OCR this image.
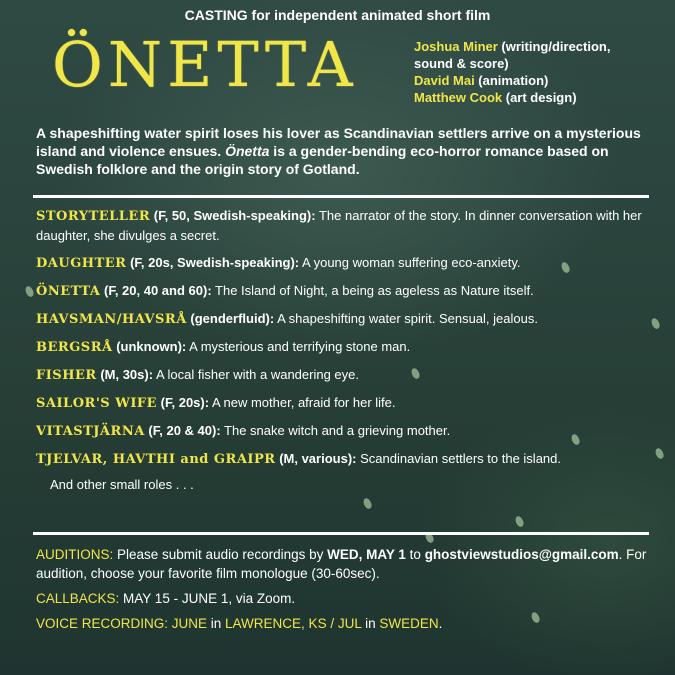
CASTING for independent animated short film
ÖNETTA	Joshua Miner (writing/direction,
sound & score)
David Mai (animation)
Matthew Cook (art design)
A shapeshifting water spirit loses his lover as Scandinavian settlers arrive on a mysterious island and violence ensues. Önetta is a gender-bending eco-horror romance based on Swedish folklore and the origin story of Gotland.
STORYTELLER (F, 50, Swedish-speaking): The narrator of the story. In dinner conversation with her daughter, she divulges a secret.
DAUGHTER (F, 20s, Swedish-speaking): A young woman suffering eco-anxiety.
ÖNETTA (F, 20, 40 and 60): The Island of Night, a being as ageless as Nature itself.
HAVSMAN/HAVSRÅ (genderfluid): A shapeshifting water spirit. Sensual, jealous.
BERGSRÅ (unknown): A mysterious and terrifying stone man.
FISHER (M, 30s): A local fisher with a wandering eye.
SAILOR'S WIFE (F, 20s): A new mother, afraid for her life.
VITASTJÄRNA (F, 20 & 40): The snake witch and a grieving mother.
TJELVAR, HAVTHI and GRAIPR (M, various): Scandinavian settlers to the island.
And other small roles . . .

AUDITIONS: Please submit audio recordings by WED, MAY 1 to ghostviewstudios@gmail.com. For audition, choose your favorite film monologue (30-60sec).

CALLBACKS: MAY 15 - JUNE 1, via Zoom.

VOICE RECORDING: JUNE in LAWRENCE, KS / JUL in SWEDEN.
